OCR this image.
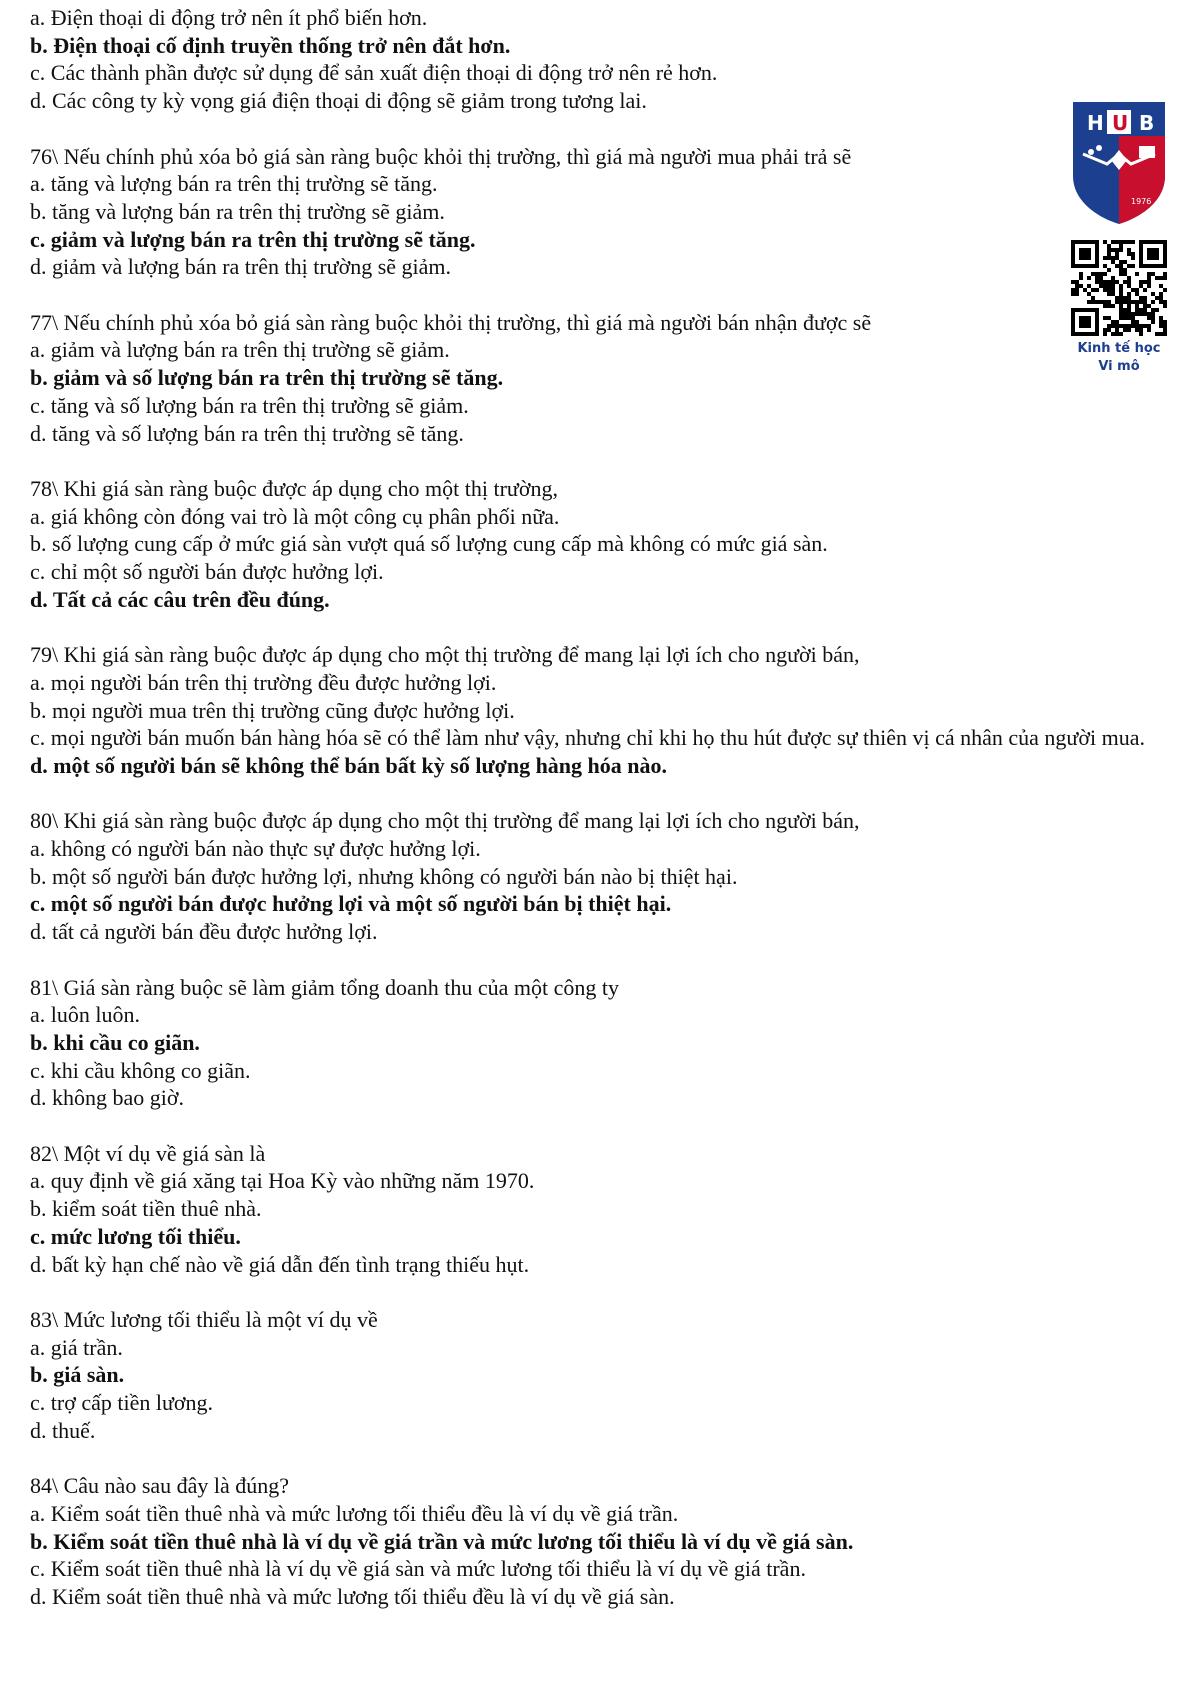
a. Điện thoại di động trở nên ít phổ biến hơn.
b. Điện thoại cố định truyền thống trở nên đắt hơn.
c. Các thành phần được sử dụng để sản xuất điện thoại di động trở nên rẻ hơn.
d. Các công ty kỳ vọng giá điện thoại di động sẽ giảm trong tương lai.
76\ Nếu chính phủ xóa bỏ giá sàn ràng buộc khỏi thị trường, thì giá mà người mua phải trả sẽ
a. tăng và lượng bán ra trên thị trường sẽ tăng.
b. tăng và lượng bán ra trên thị trường sẽ giảm.
c. giảm và lượng bán ra trên thị trường sẽ tăng.
d. giảm và lượng bán ra trên thị trường sẽ giảm.
77\ Nếu chính phủ xóa bỏ giá sàn ràng buộc khỏi thị trường, thì giá mà người bán nhận được sẽ
a. giảm và lượng bán ra trên thị trường sẽ giảm.
b. giảm và số lượng bán ra trên thị trường sẽ tăng.
c. tăng và số lượng bán ra trên thị trường sẽ giảm.
d. tăng và số lượng bán ra trên thị trường sẽ tăng.
78\ Khi giá sàn ràng buộc được áp dụng cho một thị trường,
a. giá không còn đóng vai trò là một công cụ phân phối nữa.
b. số lượng cung cấp ở mức giá sàn vượt quá số lượng cung cấp mà không có mức giá sàn.
c. chỉ một số người bán được hưởng lợi.
d. Tất cả các câu trên đều đúng.
79\ Khi giá sàn ràng buộc được áp dụng cho một thị trường để mang lại lợi ích cho người bán,
a. mọi người bán trên thị trường đều được hưởng lợi.
b. mọi người mua trên thị trường cũng được hưởng lợi.
c. mọi người bán muốn bán hàng hóa sẽ có thể làm như vậy, nhưng chỉ khi họ thu hút được sự thiên vị cá nhân của người mua.
d. một số người bán sẽ không thể bán bất kỳ số lượng hàng hóa nào.
80\ Khi giá sàn ràng buộc được áp dụng cho một thị trường để mang lại lợi ích cho người bán,
a. không có người bán nào thực sự được hưởng lợi.
b. một số người bán được hưởng lợi, nhưng không có người bán nào bị thiệt hại.
c. một số người bán được hưởng lợi và một số người bán bị thiệt hại.
d. tất cả người bán đều được hưởng lợi.
81\ Giá sàn ràng buộc sẽ làm giảm tổng doanh thu của một công ty
a. luôn luôn.
b. khi cầu co giãn.
c. khi cầu không co giãn.
d. không bao giờ.
82\ Một ví dụ về giá sàn là
a. quy định về giá xăng tại Hoa Kỳ vào những năm 1970.
b. kiểm soát tiền thuê nhà.
c. mức lương tối thiểu.
d. bất kỳ hạn chế nào về giá dẫn đến tình trạng thiếu hụt.
83\ Mức lương tối thiểu là một ví dụ về
a. giá trần.
b. giá sàn.
c. trợ cấp tiền lương.
d. thuế.
84\ Câu nào sau đây là đúng?
a. Kiểm soát tiền thuê nhà và mức lương tối thiểu đều là ví dụ về giá trần.
b. Kiểm soát tiền thuê nhà là ví dụ về giá trần và mức lương tối thiểu là ví dụ về giá sàn.
c. Kiểm soát tiền thuê nhà là ví dụ về giá sàn và mức lương tối thiểu là ví dụ về giá trần.
d. Kiểm soát tiền thuê nhà và mức lương tối thiểu đều là ví dụ về giá sàn.
H U B
1976
Kinh tế học
Vi mô
